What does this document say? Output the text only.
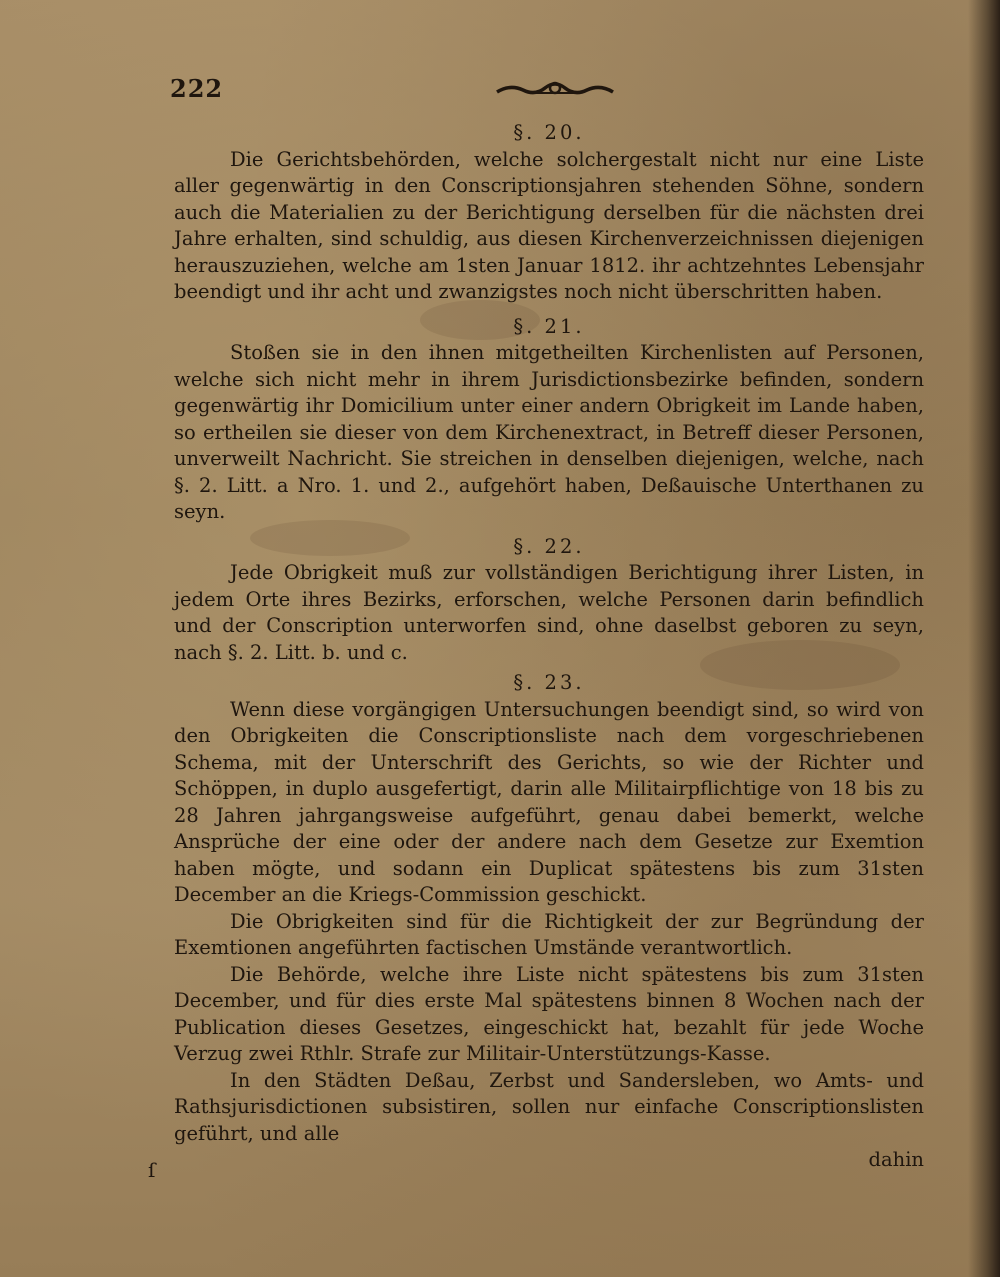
222

§. 20.

Die Gerichtsbehörden, welche solchergestalt nicht nur eine Liste aller gegenwärtig in den Conscriptionsjahren stehenden Söhne, sondern auch die Materialien zu der Berichtigung derselben für die nächsten drei Jahre erhalten, sind schuldig, aus diesen Kirchenverzeichnissen diejenigen herauszuziehen, welche am 1sten Januar 1812. ihr achtzehntes Lebensjahr beendigt und ihr acht und zwanzigstes noch nicht überschritten haben.

§. 21.

Stoßen sie in den ihnen mitgetheilten Kirchenlisten auf Personen, welche sich nicht mehr in ihrem Jurisdictionsbezirke befinden, sondern gegenwärtig ihr Domicilium unter einer andern Obrigkeit im Lande haben, so ertheilen sie dieser von dem Kirchenextract, in Betreff dieser Personen, unverweilt Nachricht. Sie streichen in denselben diejenigen, welche, nach §. 2. Litt. a Nro. 1. und 2., aufgehört haben, Deßauische Unterthanen zu seyn.

§. 22.

Jede Obrigkeit muß zur vollständigen Berichtigung ihrer Listen, in jedem Orte ihres Bezirks, erforschen, welche Personen darin befindlich und der Conscription unterworfen sind, ohne daselbst geboren zu seyn, nach §. 2. Litt. b. und c.

§. 23.

Wenn diese vorgängigen Untersuchungen beendigt sind, so wird von den Obrigkeiten die Conscriptionsliste nach dem vorgeschriebenen Schema, mit der Unterschrift des Gerichts, so wie der Richter und Schöppen, in duplo ausgefertigt, darin alle Militairpflichtige von 18 bis zu 28 Jahren jahrgangsweise aufgeführt, genau dabei bemerkt, welche Ansprüche der eine oder der andere nach dem Gesetze zur Exemtion haben mögte, und sodann ein Duplicat spätestens bis zum 31sten December an die Kriegs-Commission geschickt.

Die Obrigkeiten sind für die Richtigkeit der zur Begründung der Exemtionen angeführten factischen Umstände verantwortlich.

Die Behörde, welche ihre Liste nicht spätestens bis zum 31sten December, und für dies erste Mal spätestens binnen 8 Wochen nach der Publication dieses Gesetzes, eingeschickt hat, bezahlt für jede Woche Verzug zwei Rthlr. Strafe zur Militair-Unterstützungs-Kasse.

In den Städten Deßau, Zerbst und Sandersleben, wo Amts- und Rathsjurisdictionen subsistiren, sollen nur einfache Conscriptionslisten geführt, und alle

dahin

ſ
